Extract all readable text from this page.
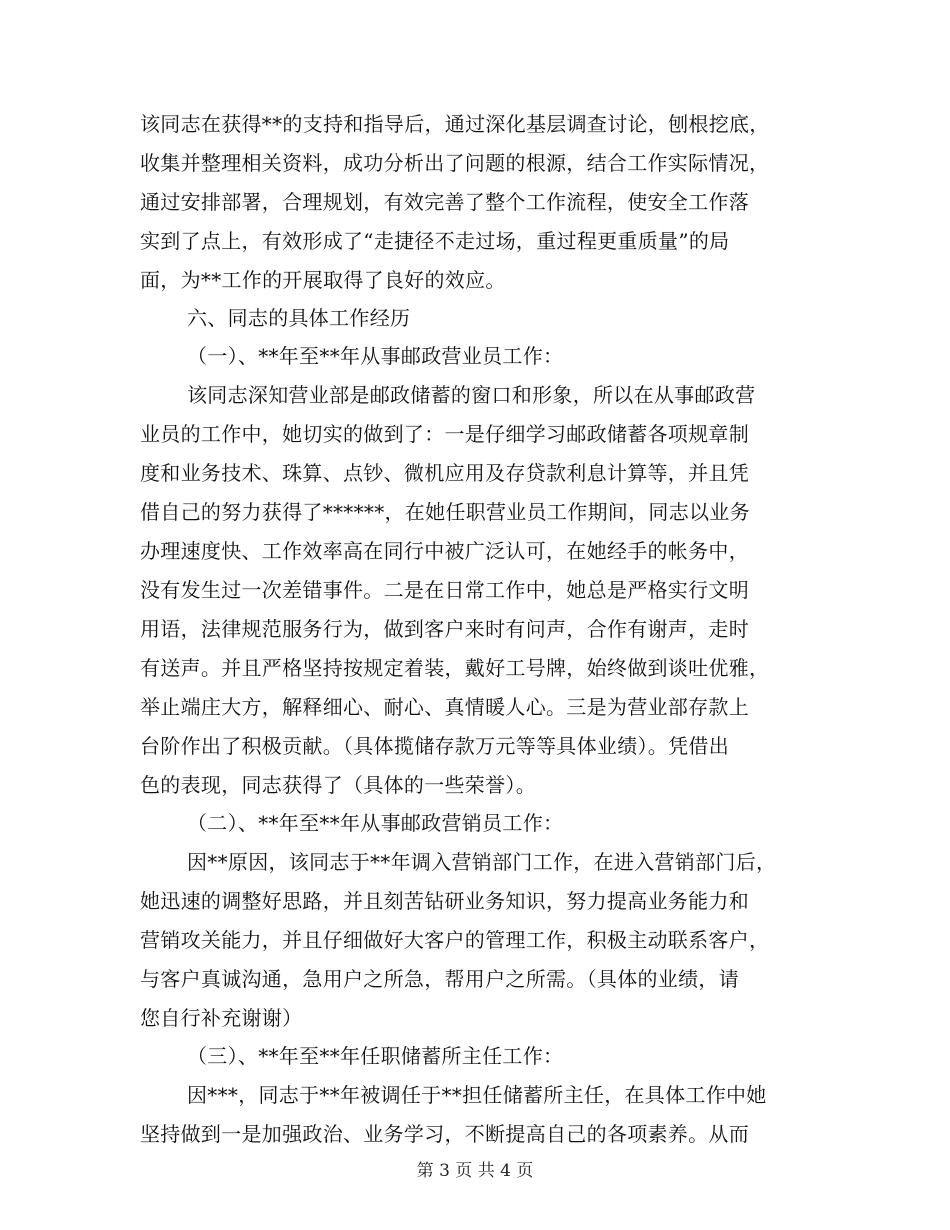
该同志在获得**的支持和指导后，通过深化基层调查讨论，刨根挖底，
收集并整理相关资料，成功分析出了问题的根源，结合工作实际情况，
通过安排部署，合理规划，有效完善了整个工作流程，使安全工作落
实到了点上，有效形成了“走捷径不走过场，重过程更重质量”的局
面，为**工作的开展取得了良好的效应。
六、同志的具体工作经历
（一）、**年至**年从事邮政营业员工作：
该同志深知营业部是邮政储蓄的窗口和形象，所以在从事邮政营
业员的工作中，她切实的做到了：一是仔细学习邮政储蓄各项规章制
度和业务技术、珠算、点钞、微机应用及存贷款利息计算等，并且凭
借自己的努力获得了******，在她任职营业员工作期间，同志以业务
办理速度快、工作效率高在同行中被广泛认可，在她经手的帐务中，
没有发生过一次差错事件。二是在日常工作中，她总是严格实行文明
用语，法律规范服务行为，做到客户来时有问声，合作有谢声，走时
有送声。并且严格坚持按规定着装，戴好工号牌，始终做到谈吐优雅，
举止端庄大方，解释细心、耐心、真情暖人心。三是为营业部存款上
台阶作出了积极贡献。（具体揽储存款万元等等具体业绩）。凭借出
色的表现，同志获得了（具体的一些荣誉）。
（二）、**年至**年从事邮政营销员工作：
因**原因，该同志于**年调入营销部门工作，在进入营销部门后，
她迅速的调整好思路，并且刻苦钻研业务知识，努力提高业务能力和
营销攻关能力，并且仔细做好大客户的管理工作，积极主动联系客户，
与客户真诚沟通，急用户之所急，帮用户之所需。（具体的业绩，请
您自行补充谢谢）
（三）、**年至**年任职储蓄所主任工作：
因***，同志于**年被调任于**担任储蓄所主任，在具体工作中她
坚持做到一是加强政治、业务学习，不断提高自己的各项素养。从而
第 3 页 共 4 页
